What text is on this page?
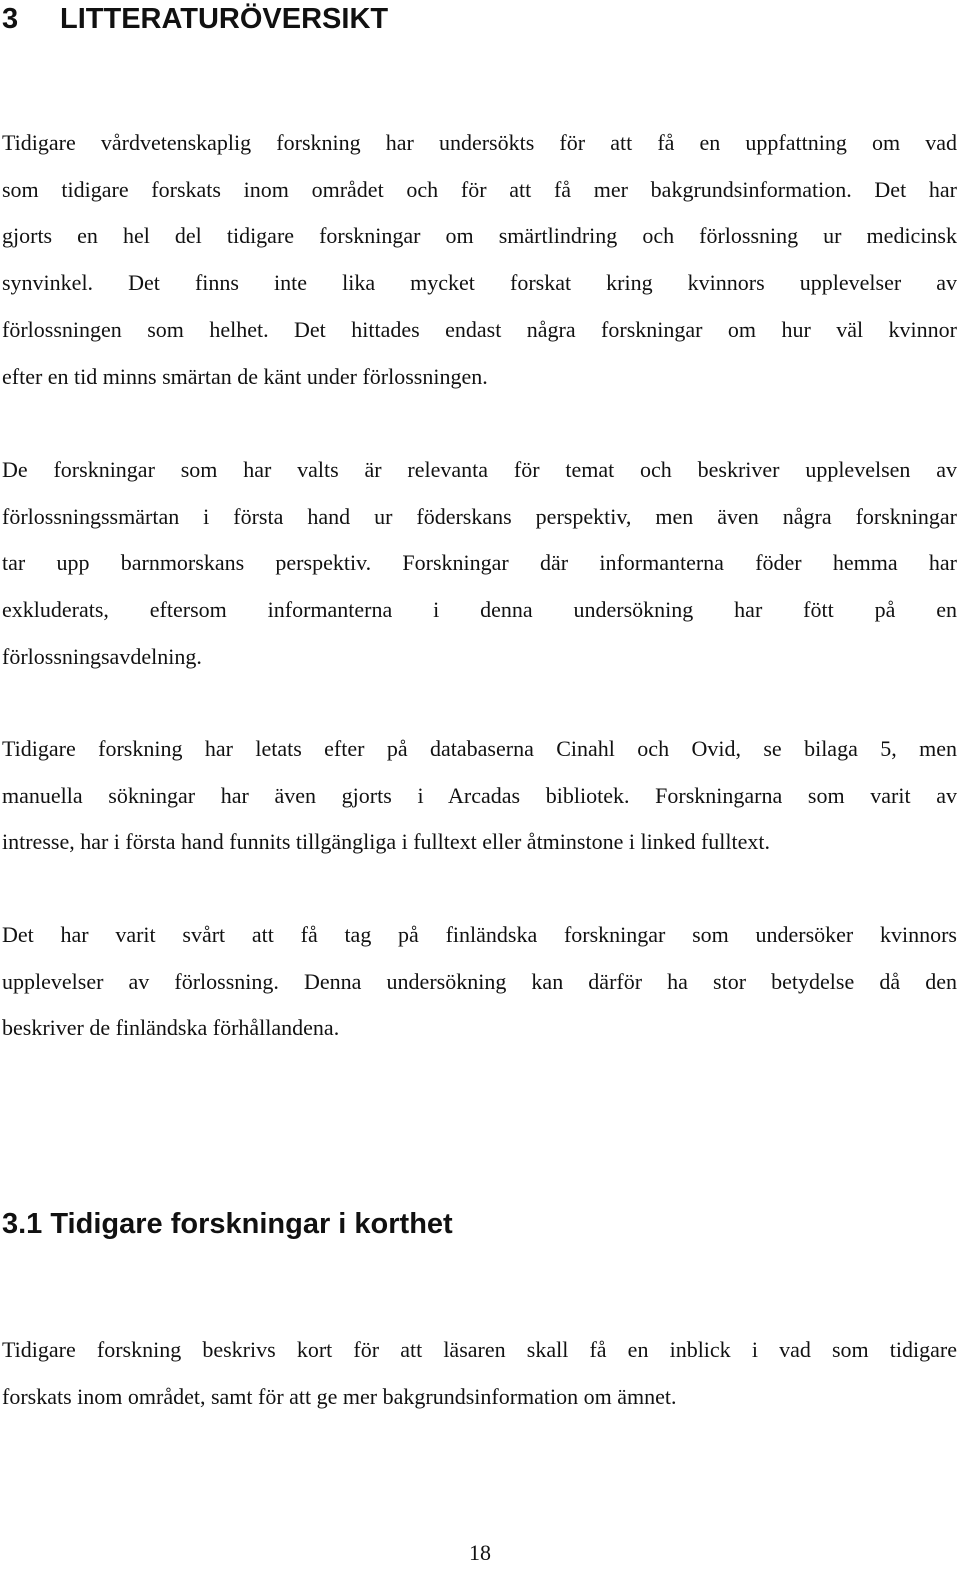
3 LITTERATURÖVERSIKT

Tidigare vårdvetenskaplig forskning har undersökts för att få en uppfattning om vad
som tidigare forskats inom området och för att få mer bakgrundsinformation. Det har
gjorts en hel del tidigare forskningar om smärtlindring och förlossning ur medicinsk
synvinkel. Det finns inte lika mycket forskat kring kvinnors upplevelser av
förlossningen som helhet. Det hittades endast några forskningar om hur väl kvinnor
efter en tid minns smärtan de känt under förlossningen.

De forskningar som har valts är relevanta för temat och beskriver upplevelsen av
förlossningssmärtan i första hand ur föderskans perspektiv, men även några forskningar
tar upp barnmorskans perspektiv. Forskningar där informanterna föder hemma har
exkluderats, eftersom informanterna i denna undersökning har fött på en
förlossningsavdelning.

Tidigare forskning har letats efter på databaserna Cinahl och Ovid, se bilaga 5, men
manuella sökningar har även gjorts i Arcadas bibliotek. Forskningarna som varit av
intresse, har i första hand funnits tillgängliga i fulltext eller åtminstone i linked fulltext.

Det har varit svårt att få tag på finländska forskningar som undersöker kvinnors
upplevelser av förlossning. Denna undersökning kan därför ha stor betydelse då den
beskriver de finländska förhållandena.

3.1 Tidigare forskningar i korthet

Tidigare forskning beskrivs kort för att läsaren skall få en inblick i vad som tidigare
forskats inom området, samt för att ge mer bakgrundsinformation om ämnet.

18
